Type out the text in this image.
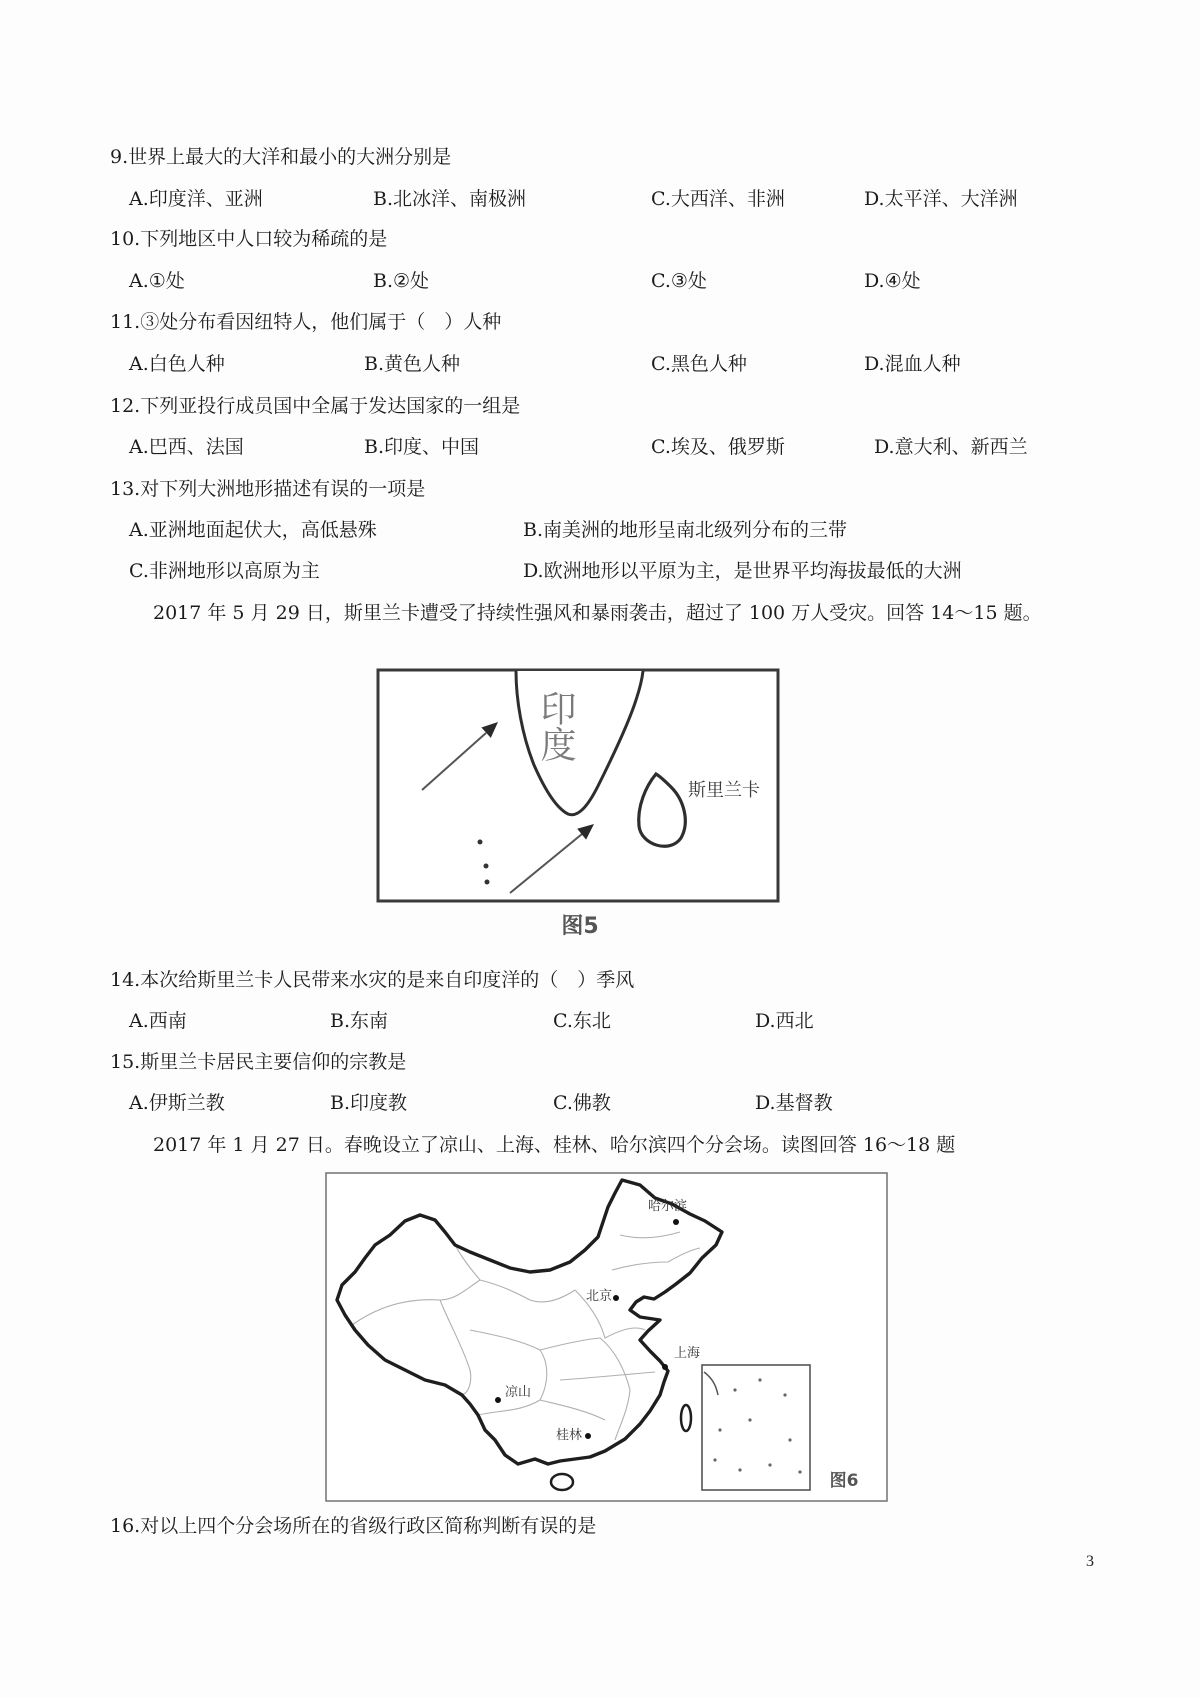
9.世界上最大的大洋和最小的大洲分别是
A.印度洋、亚洲	B.北冰洋、南极洲	C.大西洋、非洲	D.太平洋、大洋洲
10.下列地区中人口较为稀疏的是
A.①处	B.②处	C.③处	D.④处
11.③处分布看因纽特人，他们属于（　）人种
A.白色人种	B.黄色人种	C.黑色人种	D.混血人种
12.下列亚投行成员国中全属于发达国家的一组是
A.巴西、法国	B.印度、中国	C.埃及、俄罗斯	D.意大利、新西兰
13.对下列大洲地形描述有误的一项是
A.亚洲地面起伏大，高低悬殊	B.南美洲的地形呈南北级列分布的三带
C.非洲地形以高原为主	D.欧洲地形以平原为主，是世界平均海拔最低的大洲
2017 年 5 月 29 日，斯里兰卡遭受了持续性强风和暴雨袭击，超过了 100 万人受灾。回答 14～15 题。
印度
斯里兰卡
图5
14.本次给斯里兰卡人民带来水灾的是来自印度洋的（　）季风
A.西南	B.东南	C.东北	D.西北
15.斯里兰卡居民主要信仰的宗教是
A.伊斯兰教	B.印度教	C.佛教	D.基督教
2017 年 1 月 27 日。春晚设立了凉山、上海、桂林、哈尔滨四个分会场。读图回答 16～18 题
哈尔滨
北京
上海
凉山
桂林
图6
16.对以上四个分会场所在的省级行政区简称判断有误的是
3
